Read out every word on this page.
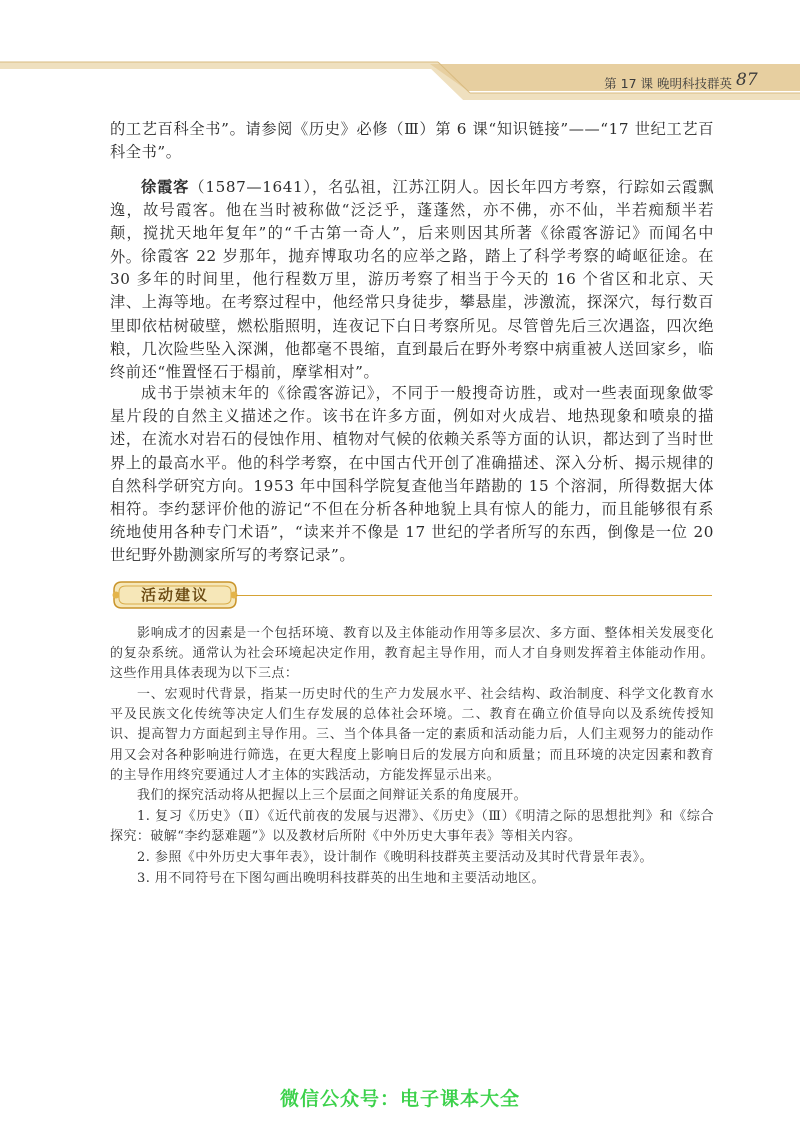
第 17 课 晚明科技群英 87

的工艺百科全书”。请参阅《历史》必修（Ⅲ）第 6 课“知识链接”——“17 世纪工艺百科全书”。

徐霞客（1587—1641），名弘祖，江苏江阴人。因长年四方考察，行踪如云霞飘逸，故号霞客。他在当时被称做“泛泛乎，蓬蓬然，亦不佛，亦不仙，半若痴颓半若颠，搅扰天地年复年”的“千古第一奇人”，后来则因其所著《徐霞客游记》而闻名中外。 徐霞客 22 岁那年，抛弃博取功名的应举之路，踏上了科学考察的崎岖征途。在 30 多年的时间里，他行程数万里，游历考察了相当于今天的 16 个省区和北京、天津、上海等地。在考察过程中，他经常只身徒步，攀悬崖，涉激流，探深穴，每行数百里即依枯树破壁，燃松脂照明，连夜记下白日考察所见。尽管曾先后三次遇盗，四次绝粮，几次险些坠入深渊，他都毫不畏缩，直到最后在野外考察中病重被人送回家乡，临终前还“惟置怪石于榻前，摩挲相对”。

成书于崇祯末年的《徐霞客游记》，不同于一般搜奇访胜，或对一些表面现象做零星片段的自然主义描述之作。该书在许多方面，例如对火成岩、地热现象和喷泉的描述，在流水对岩石的侵蚀作用、植物对气候的依赖关系等方面的认识，都达到了当时世界上的最高水平。他的科学考察，在中国古代开创了准确描述、深入分析、揭示规律的自然科学研究方向。1953 年中国科学院复查他当年踏勘的 15 个溶洞，所得数据大体相符。李约瑟评价他的游记“不但在分析各种地貌上具有惊人的能力，而且能够很有系统地使用各种专门术语”，“读来并不像是 17 世纪的学者所写的东西，倒像是一位 20 世纪野外勘测家所写的考察记录”。

活动建议

影响成才的因素是一个包括环境、教育以及主体能动作用等多层次、多方面、整体相关发展变化的复杂系统。通常认为社会环境起决定作用，教育起主导作用，而人才自身则发挥着主体能动作用。这些作用具体表现为以下三点：

一、宏观时代背景，指某一历史时代的生产力发展水平、社会结构、政治制度、科学文化教育水平及民族文化传统等决定人们生存发展的总体社会环境。二、教育在确立价值导向以及系统传授知识、提高智力方面起到主导作用。三、当个体具备一定的素质和活动能力后，人们主观努力的能动作用又会对各种影响进行筛选，在更大程度上影响日后的发展方向和质量；而且环境的决定因素和教育的主导作用终究要通过人才主体的实践活动，方能发挥显示出来。

我们的探究活动将从把握以上三个层面之间辩证关系的角度展开。

1. 复习《历史》（Ⅱ）《近代前夜的发展与迟滞》、《历史》（Ⅲ）《明清之际的思想批判》和《综合探究：破解“李约瑟难题”》以及教材后所附《中外历史大事年表》等相关内容。

2. 参照《中外历史大事年表》，设计制作《晚明科技群英主要活动及其时代背景年表》。

3. 用不同符号在下图勾画出晚明科技群英的出生地和主要活动地区。

微信公众号：电子课本大全
